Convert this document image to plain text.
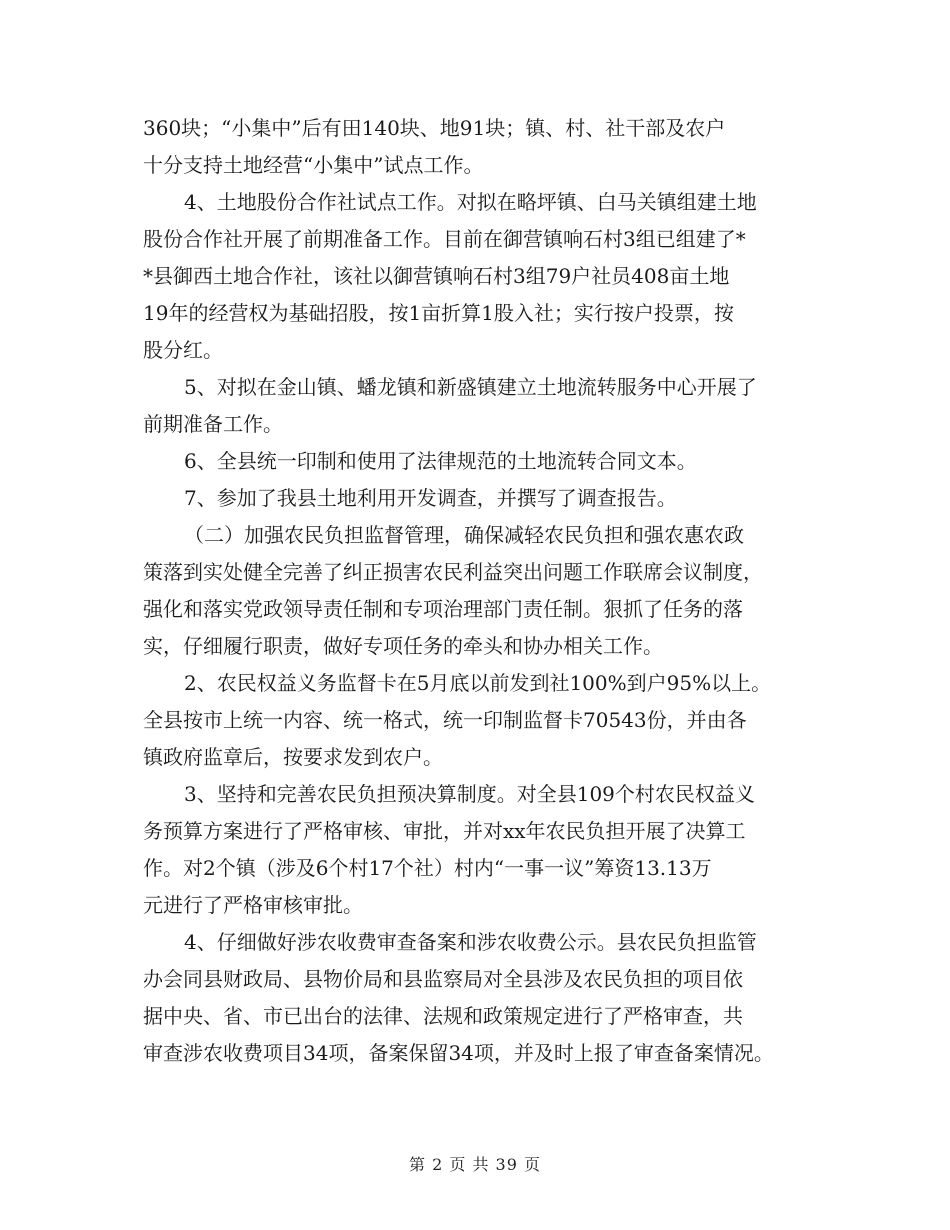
360块；“小集中”后有田140块、地91块；镇、村、社干部及农户
十分支持土地经营“小集中”试点工作。
4、土地股份合作社试点工作。对拟在略坪镇、白马关镇组建土地
股份合作社开展了前期准备工作。目前在御营镇响石村3组已组建了*
*县御西土地合作社，该社以御营镇响石村3组79户社员408亩土地
19年的经营权为基础招股，按1亩折算1股入社；实行按户投票，按
股分红。
5、对拟在金山镇、蟠龙镇和新盛镇建立土地流转服务中心开展了
前期准备工作。
6、全县统一印制和使用了法律规范的土地流转合同文本。
7、参加了我县土地利用开发调查，并撰写了调查报告。
（二）加强农民负担监督管理，确保减轻农民负担和强农惠农政
策落到实处健全完善了纠正损害农民利益突出问题工作联席会议制度，
强化和落实党政领导责任制和专项治理部门责任制。狠抓了任务的落
实，仔细履行职责，做好专项任务的牵头和协办相关工作。
2、农民权益义务监督卡在5月底以前发到社100%到户95%以上。
全县按市上统一内容、统一格式，统一印制监督卡70543份，并由各
镇政府监章后，按要求发到农户。
3、坚持和完善农民负担预决算制度。对全县109个村农民权益义
务预算方案进行了严格审核、审批，并对xx年农民负担开展了决算工
作。对2个镇（涉及6个村17个社）村内“一事一议”筹资13.13万
元进行了严格审核审批。
4、仔细做好涉农收费审查备案和涉农收费公示。县农民负担监管
办会同县财政局、县物价局和县监察局对全县涉及农民负担的项目依
据中央、省、市已出台的法律、法规和政策规定进行了严格审查，共
审查涉农收费项目34项，备案保留34项，并及时上报了审查备案情况。
第 2 页 共 39 页
